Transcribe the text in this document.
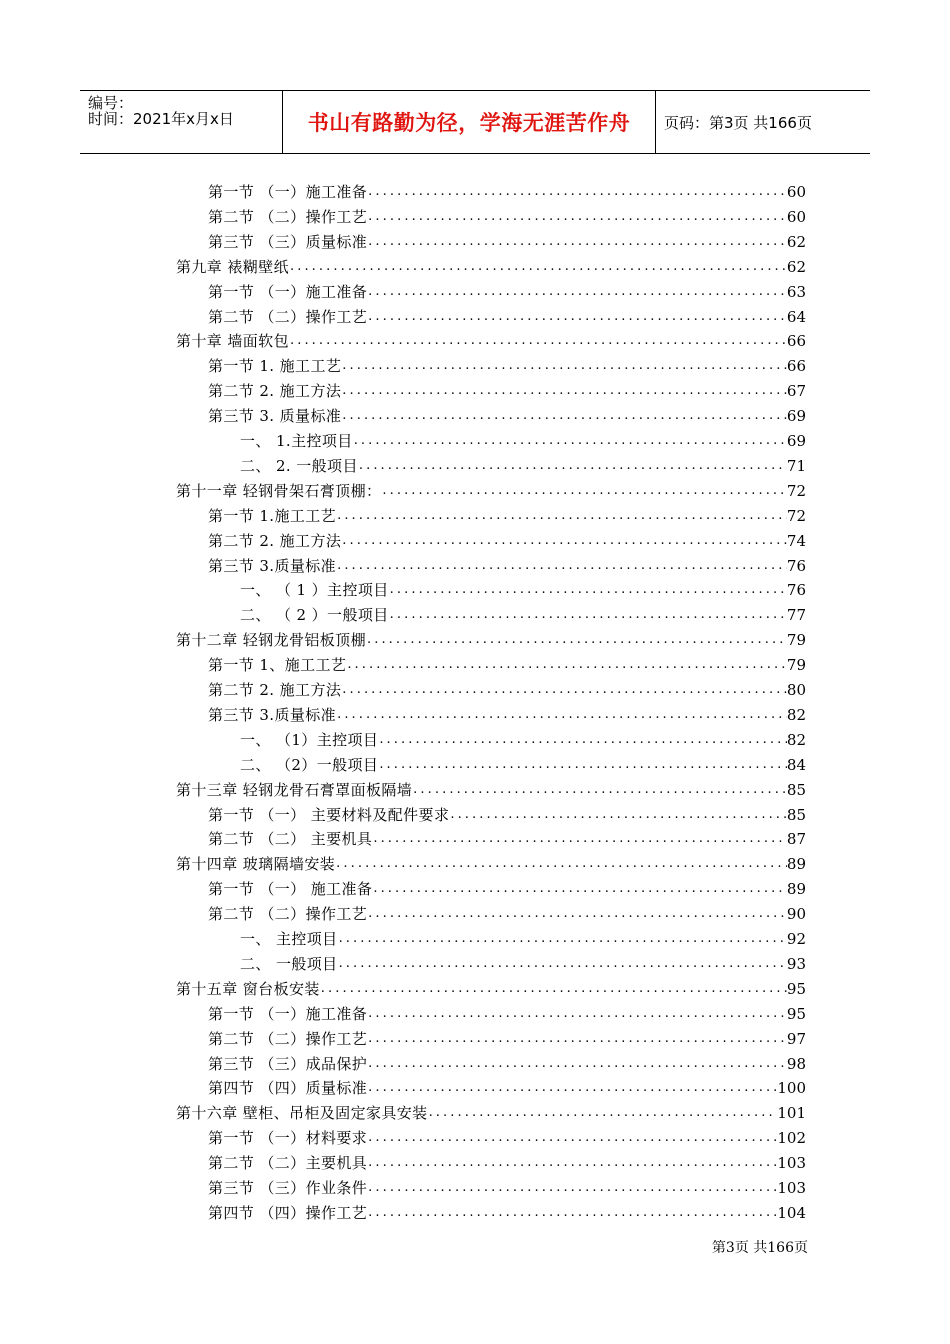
编号：
时间：2021年x月x日	书山有路勤为径，学海无涯苦作舟	页码：第3页 共166页
第一节 （一）施工准备 .....	60
第二节 （二）操作工艺 .....	60
第三节 （三）质量标准 .....	62
第九章 裱糊壁纸 .....	62
第一节 （一）施工准备 .....	63
第二节 （二）操作工艺 .....	64
第十章 墙面软包 .....	66
第一节 1. 施工工艺 .....	66
第二节 2. 施工方法 .....	67
第三节 3. 质量标准 .....	69
一、 1.主控项目 .....	69
二、 2. 一般项目 .....	71
第十一章 轻钢骨架石膏顶棚： .....	72
第一节 1.施工工艺 .....	72
第二节 2. 施工方法 .....	74
第三节 3.质量标准 .....	76
一、 （ 1 ）主控项目 .....	76
二、 （ 2 ）一般项目 .....	77
第十二章 轻钢龙骨铝板顶棚 .....	79
第一节 1、施工工艺 .....	79
第二节 2. 施工方法 .....	80
第三节 3.质量标准 .....	82
一、 （1）主控项目 .....	82
二、 （2）一般项目 .....	84
第十三章 轻钢龙骨石膏罩面板隔墙 .....	85
第一节 （一） 主要材料及配件要求 .....	85
第二节 （二） 主要机具 .....	87
第十四章 玻璃隔墙安装 .....	89
第一节 （一） 施工准备 .....	89
第二节 （二）操作工艺 .....	90
一、 主控项目 .....	92
二、 一般项目 .....	93
第十五章 窗台板安装 .....	95
第一节 （一）施工准备 .....	95
第二节 （二）操作工艺 .....	97
第三节 （三）成品保护 .....	98
第四节 （四）质量标准 .....	100
第十六章 壁柜、吊柜及固定家具安装 .....	101
第一节 （一）材料要求 .....	102
第二节 （二）主要机具 .....	103
第三节 （三）作业条件 .....	103
第四节 （四）操作工艺 .....	104
第3页 共166页
